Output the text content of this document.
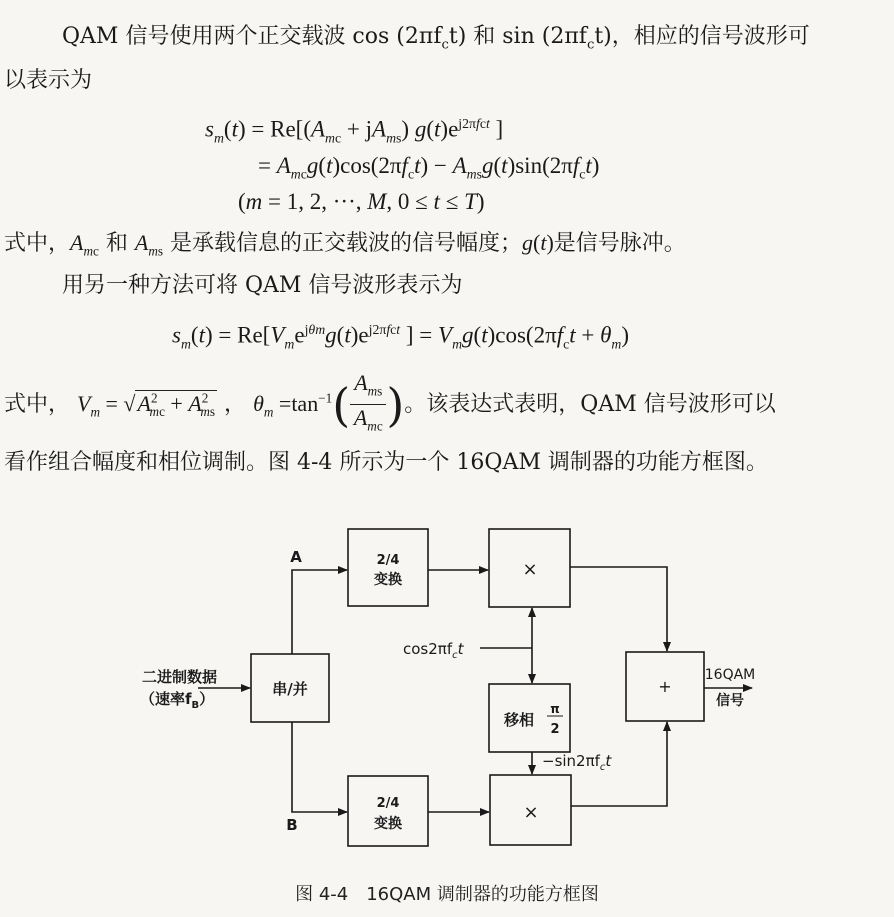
QAM 信号使用两个正交载波 $\cos (2\pi f_ct)$ 和 $\sin (2\pi f_ct)$，相应的信号波形可
以表示为
$s_m(t) = Re[(A_{mc} + jA_{ms})$ $g(t)e^{j2\pi fct}$ ]
= $A_{mc}g(t)\cos(2\pi f_ct) - A_{ms}g(t)\sin(2\pi f_ct)$
(m = 1, 2, ···, M, 0 ≤ t ≤ T)
式中，$A_{mc}$ 和 $A_{ms}$ 是承载信息的正交载波的信号幅度；g(t)是信号脉冲。
用另一种方法可将 QAM 信号波形表示为
$s_m(t) = Re[V_me^{j\theta m}g(t)e^{j2\pi fct}$ ] = $V_mg(t)\cos(2\pi f_ct + \theta_m)$
式中， $V_m = √A^2_{mc} + A^2_{ms}$ ， $\theta_m =\tan^{-1}( \frac{A_{ms}}{A_{mc}}$ )。该表达式表明，QAM 信号波形可以
看作组合幅度和相位调制。图 4-4 所示为一个 16QAM 调制器的功能方框图。
二进制数据
（速率$f_B$）
串/并
A
B
2/4
变换
2/4
变换
移相
π
2
16QAM
信号
×
×
+
$\cos 2\pi f_ct$
$-\sin 2\pi f_ct$
图 4-4　16QAM 调制器的功能方框图
